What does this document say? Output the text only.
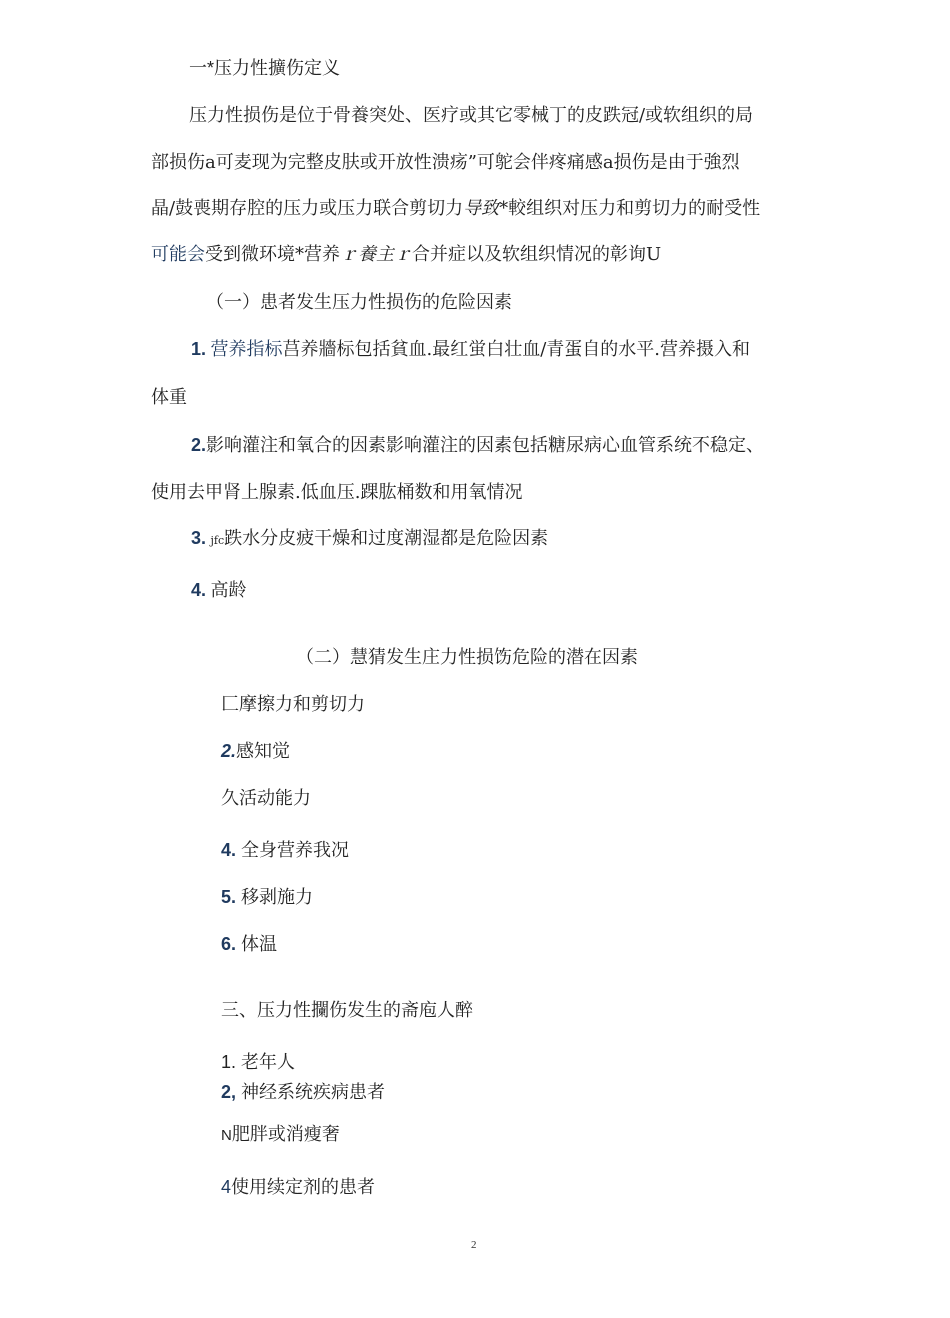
一*压力性擴伤定义
压力性损伤是位于骨養突处、医疗或其它零械丁的皮跌冠/或软组织的局
部损伤a可麦现为完整皮肤或开放性溃疡”可鸵会伴疼痛感a损伤是由于強烈
晶/鼓喪期存腔的压力或压力联合剪切力导致*較组织对压力和剪切力的耐受性
可能会受到微环境*营养ｒ養主ｒ合并症以及软组织情况的彰询U
（一）患者发生压力性损伤的危险因素
1. 营养指标莒养牆标包括貧血.最红蛍白壮血/青蛋自的水平.营养摄入和
体重
2.影响灌注和氧合的因素影响灌注的因素包括糖尿病心血管系统不稳定、
使用去甲肾上腺素.低血压.踝肱桶数和用氧情况
3. jfc跌水分皮疲干燥和过度潮湿都是危险因素
4. 高龄
（二）慧猜发生庄力性损饬危险的潜在因素
匚摩擦力和剪切力
2.感知觉
久活动能力
4. 全身营养我况
5. 移剥施力
6. 体温
三、压力性攔伤发生的斋庖人醉
1. 老年人
2, 神经系统疾病患者
N肥胖或消瘦奢
4使用续定剂的患者
2
